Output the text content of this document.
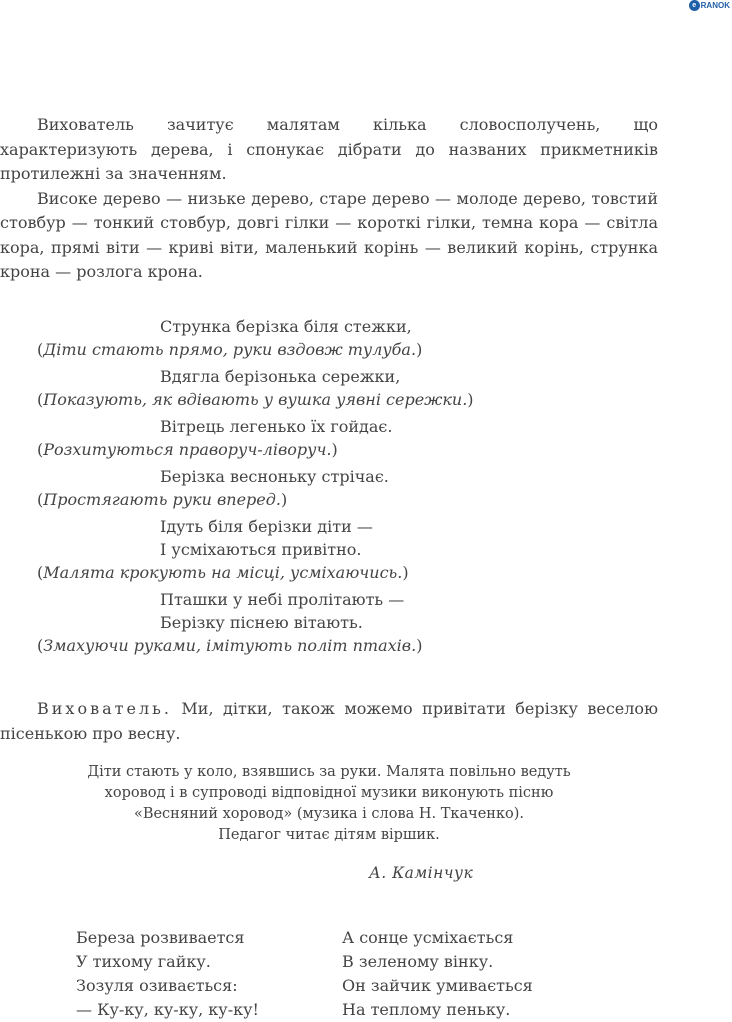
e RANOK
Вихователь зачитує малятам кілька словосполучень, що характеризують дерева, і спонукає дібрати до названих прикметників протилежні за значенням.
Високе дерево — низьке дерево, старе дерево — молоде дерево, товстий стовбур — тонкий стовбур, довгі гілки — короткі гілки, темна кора — світла кора, прямі віти — криві віти, маленький корінь — великий корінь, струнка крона — розлога крона.
Струнка берізка біля стежки,
(Діти стають прямо, руки вздовж тулуба.)
Вдягла берізонька сережки,
(Показують, як вдівають у вушка уявні сережки.)
Вітрець легенько їх гойдає.
(Розхитуються праворуч-ліворуч.)
Берізка весноньку стрічає.
(Простягають руки вперед.)
Ідуть біля берізки діти —
І усміхаються привітно.
(Малята крокують на місці, усміхаючись.)
Пташки у небі пролітають —
Берізку піснею вітають.
(Змахуючи руками, імітують політ птахів.)
Вихователь. Ми, дітки, також можемо привітати берізку веселою пісенькою про весну.
Діти стають у коло, взявшись за руки. Малята повільно ведуть
хоровод і в супроводі відповідної музики виконують пісню
«Весняний хоровод» (музика і слова Н. Ткаченко).
Педагог читає дітям віршик.
А. Камінчук
Береза розвивается
У тихому гайку.
Зозуля озивається:
— Ку-ку, ку-ку, ку-ку!
А сонце усміхається
В зеленому вінку.
Он зайчик умивається
На теплому пеньку.
